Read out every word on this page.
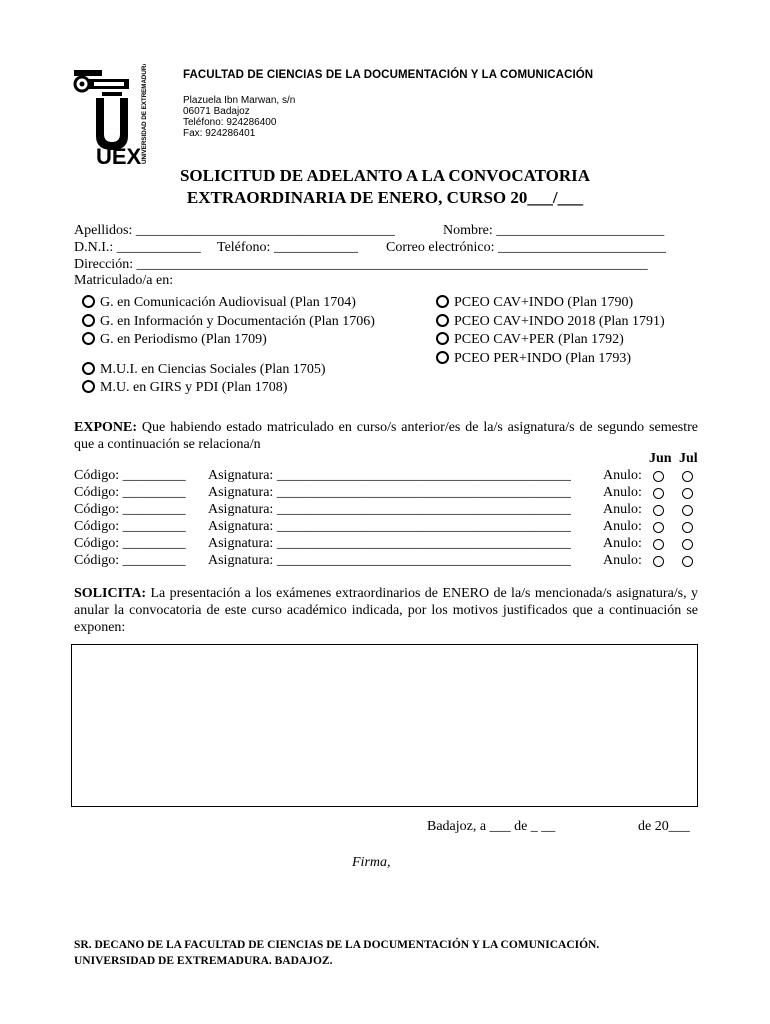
UEX UNIVERSIDAD DE EXTREMADURA	FACULTAD DE CIENCIAS DE LA DOCUMENTACIÓN Y LA COMUNICACIÓN
Plazuela Ibn Marwan, s/n
06071 Badajoz
Teléfono: 924286400
Fax: 924286401
SOLICITUD DE ADELANTO A LA CONVOCATORIA
EXTRAORDINARIA DE ENERO, CURSO 20___/___
Apellidos: _____________________________________	Nombre: ________________________
D.N.I.: ____________ Teléfono: ____________ Correo electrónico: ________________________
Dirección: _________________________________________________________________________
Matriculado/a en:
G. en Comunicación Audiovisual (Plan 1704)
G. en Información y Documentación (Plan 1706)
G. en Periodismo (Plan 1709)
M.U.I. en Ciencias Sociales (Plan 1705)
M.U. en GIRS y PDI (Plan 1708)
PCEO CAV+INDO (Plan 1790)
PCEO CAV+INDO 2018 (Plan 1791)
PCEO CAV+PER (Plan 1792)
PCEO PER+INDO (Plan 1793)
EXPONE: Que habiendo estado matriculado en curso/s anterior/es de la/s asignatura/s de segundo semestre que a continuación se relaciona/n
Jun Jul
Código: _________ Asignatura: __________________________________________	Anulo:
Código: _________ Asignatura: __________________________________________	Anulo:
Código: _________ Asignatura: __________________________________________	Anulo:
Código: _________ Asignatura: __________________________________________	Anulo:
Código: _________ Asignatura: __________________________________________	Anulo:
Código: _________ Asignatura: __________________________________________	Anulo:
SOLICITA: La presentación a los exámenes extraordinarios de ENERO de la/s mencionada/s asignatura/s, y anular la convocatoria de este curso académico indicada, por los motivos justificados que a continuación se exponen:
Badajoz, a ___ de _ __	de 20___
Firma,
SR. DECANO DE LA FACULTAD DE CIENCIAS DE LA DOCUMENTACIÓN Y LA COMUNICACIÓN.
UNIVERSIDAD DE EXTREMADURA. BADAJOZ.
